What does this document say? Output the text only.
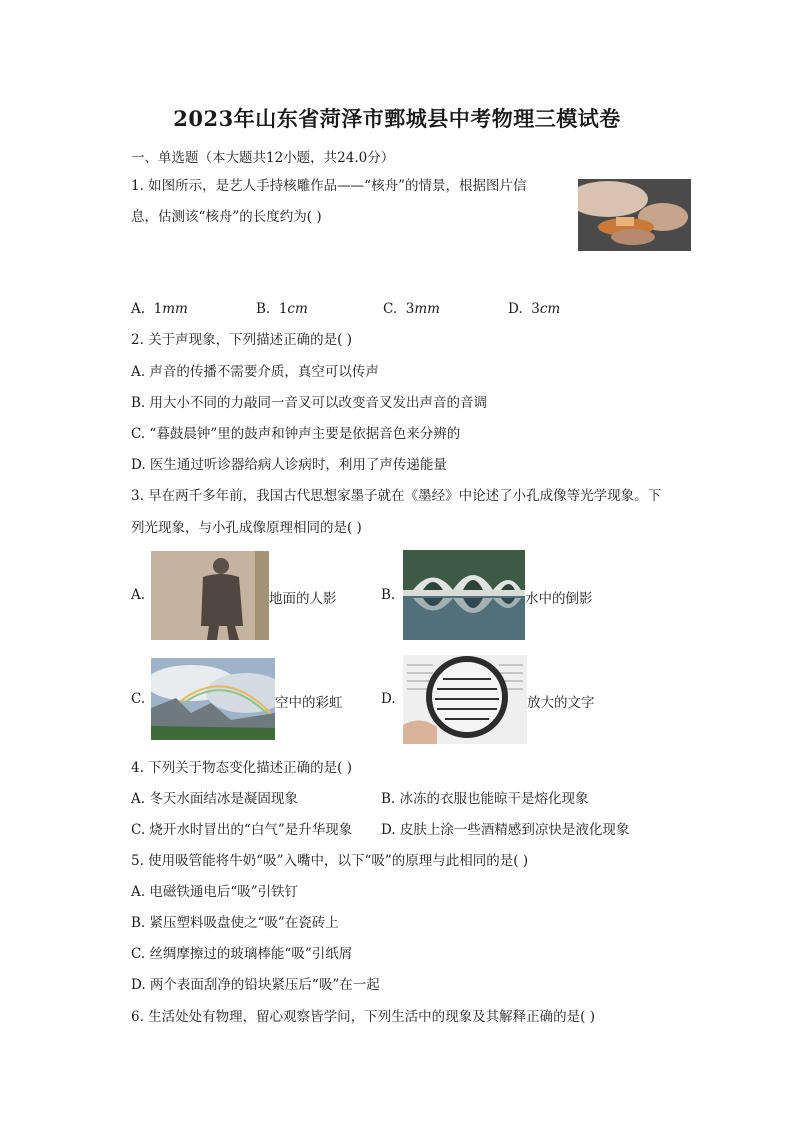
2023年山东省菏泽市鄄城县中考物理三模试卷
一、单选题（本大题共12小题，共24.0分）
1. 如图所示，是艺人手持核雕作品——“核舟”的情景，根据图片信
息，估测该“核舟”的长度约为( )
A. 1mm	B. 1cm	C. 3mm	D. 3cm
2. 关于声现象，下列描述正确的是( )
A. 声音的传播不需要介质，真空可以传声
B. 用大小不同的力敲同一音叉可以改变音叉发出声音的音调
C. “暮鼓晨钟”里的鼓声和钟声主要是依据音色来分辨的
D. 医生通过听诊器给病人诊病时，利用了声传递能量
3. 早在两千多年前，我国古代思想家墨子就在《墨经》中论述了小孔成像等光学现象。下
列光现象，与小孔成像原理相同的是( )
A.	地面的人影	B.	水中的倒影
C.	空中的彩虹	D.	放大的文字
4. 下列关于物态变化描述正确的是( )
A. 冬天水面结冰是凝固现象	B. 冰冻的衣服也能晾干是熔化现象
C. 烧开水时冒出的“白气”是升华现象 D. 皮肤上涂一些酒精感到凉快是液化现象
5. 使用吸管能将牛奶“吸”入嘴中，以下“吸”的原理与此相同的是( )
A. 电磁铁通电后“吸”引铁钉
B. 紧压塑料吸盘使之“吸”在瓷砖上
C. 丝绸摩擦过的玻璃棒能“吸”引纸屑
D. 两个表面刮净的铅块紧压后“吸”在一起
6. 生活处处有物理，留心观察皆学问，下列生活中的现象及其解释正确的是( )
